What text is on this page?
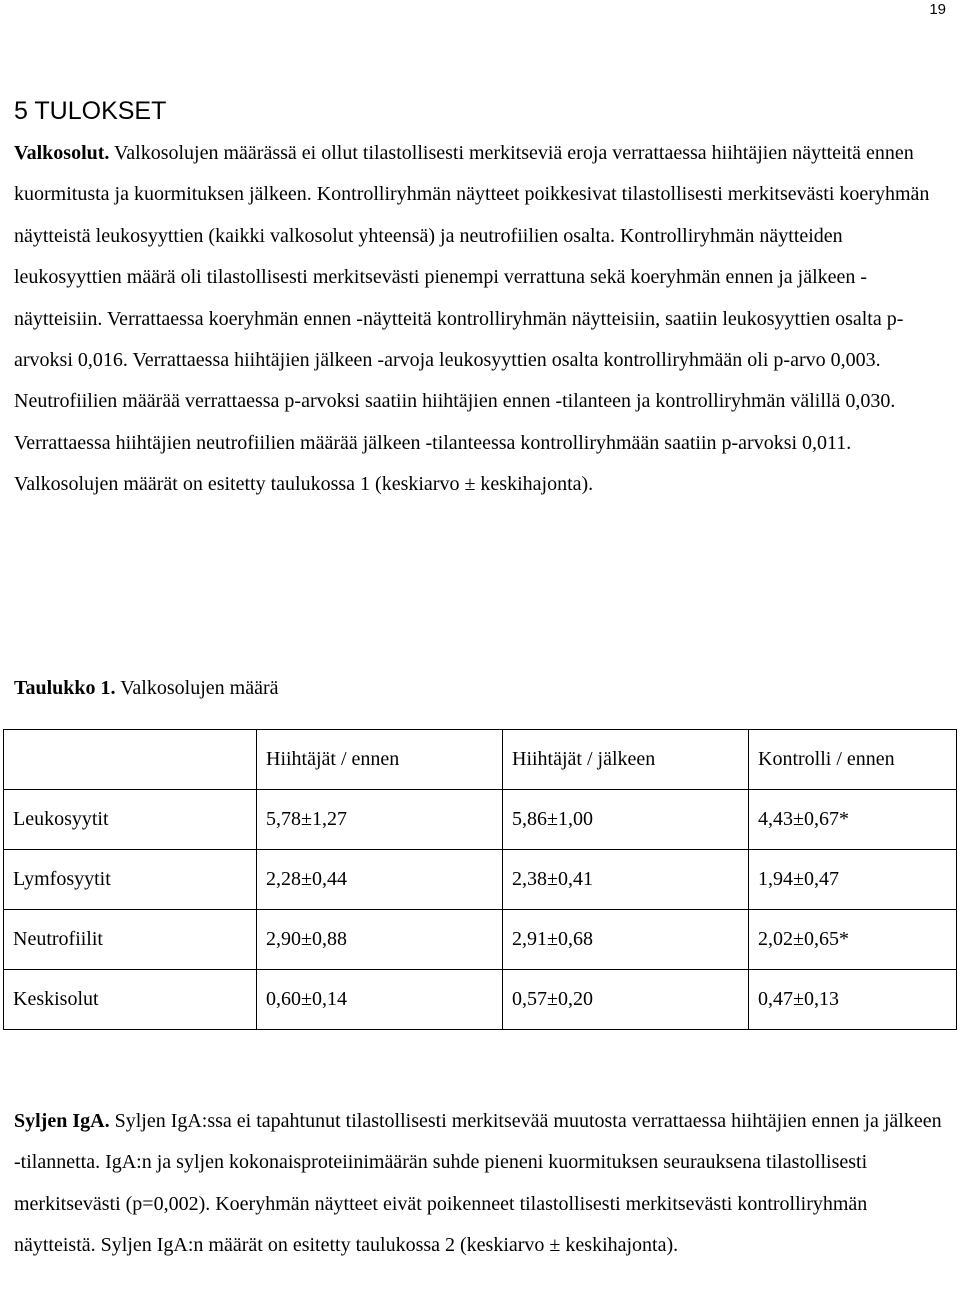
19
5 TULOKSET

Valkosolut. Valkosolujen määrässä ei ollut tilastollisesti merkitseviä eroja verrattaessa hiihtäjien näytteitä ennen kuormitusta ja kuormituksen jälkeen. Kontrolliryhmän näytteet poikkesivat tilastollisesti merkitsevästi koeryhmän näytteistä leukosyyttien (kaikki valkosolut yhteensä) ja neutrofiilien osalta. Kontrolliryhmän näytteiden leukosyyttien määrä oli tilastollisesti merkitsevästi pienempi verrattuna sekä koeryhmän ennen ja jälkeen -näytteisiin. Verrattaessa koeryhmän ennen -näytteitä kontrolliryhmän näytteisiin, saatiin leukosyyttien osalta p-arvoksi 0,016. Verrattaessa hiihtäjien jälkeen -arvoja leukosyyttien osalta kontrolliryhmään oli p-arvo 0,003. Neutrofiilien määrää verrattaessa p-arvoksi saatiin hiihtäjien ennen -tilanteen ja kontrolliryhmän välillä 0,030. Verrattaessa hiihtäjien neutrofiilien määrää jälkeen -tilanteessa kontrolliryhmään saatiin p-arvoksi 0,011. Valkosolujen määrät on esitetty taulukossa 1 (keskiarvo ± keskihajonta).

Taulukko 1. Valkosolujen määrä

	Hiihtäjät / ennen	Hiihtäjät / jälkeen	Kontrolli / ennen
Leukosyytit	5,78±1,27	5,86±1,00	4,43±0,67*
Lymfosyytit	2,28±0,44	2,38±0,41	1,94±0,47
Neutrofiilit	2,90±0,88	2,91±0,68	2,02±0,65*
Keskisolut	0,60±0,14	0,57±0,20	0,47±0,13

Syljen IgA. Syljen IgA:ssa ei tapahtunut tilastollisesti merkitsevää muutosta verrattaessa hiihtäjien ennen ja jälkeen -tilannetta. IgA:n ja syljen kokonaisproteiinimäärän suhde pieneni kuormituksen seurauksena tilastollisesti merkitsevästi (p=0,002). Koeryhmän näytteet eivät poikenneet tilastollisesti merkitsevästi kontrolliryhmän näytteistä. Syljen IgA:n määrät on esitetty taulukossa 2 (keskiarvo ± keskihajonta).
